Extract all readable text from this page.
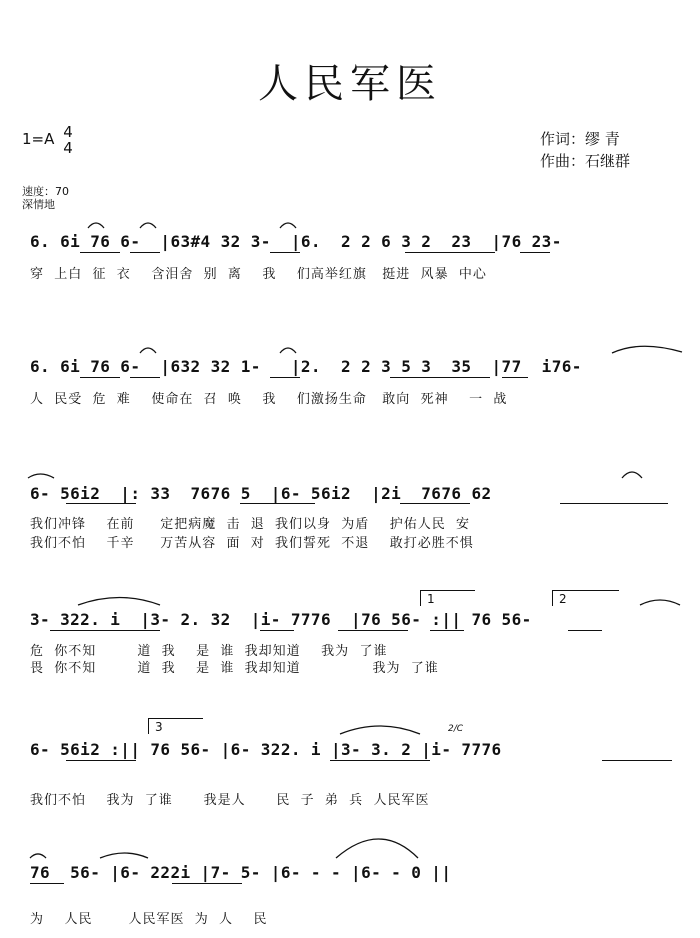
人民军医
1=A 4
4	作词：缪 青
作曲：石继群
速度：70
深情地
6. 6i 76 6-  |63#4 32 3-  |6.  2 2 6 3 2  23  |76 23-
穿  上白  征  衣    含泪舍  别  离    我    们高举红旗   挺进  风暴  中心
6. 6i 76 6-  |632 32 1-   |2.  2 2 3 5 3  35  |77  i76-
人  民受  危  难    使命在  召  唤    我    们激扬生命   敢向  死神    一  战
6- 56i2  |: 33  7676 5  |6- 56i2  |2i  7676 62
我们冲锋    在前     定把病魔  击  退  我们以身  为盾    护佑人民  安
我们不怕    千辛     万苦从容  面  对  我们誓死  不退    敢打必胜不惧
1	2
3- 322. i  |3- 2. 32  |i- 7776  |76 56- :|| 76 56-
危  你不知        道  我    是  谁  我却知道    我为  了谁
畏  你不知        道  我    是  谁  我却知道              我为  了谁
3	2/C
6- 56i2 :|| 76 56- |6- 322. i |3- 3. 2 |i- 7776
我们不怕    我为  了谁      我是人      民  子  弟  兵  人民军医
76  56- |6- 222i |7- 5- |6- - - |6- - 0 ||
为    人民       人民军医  为  人    民
